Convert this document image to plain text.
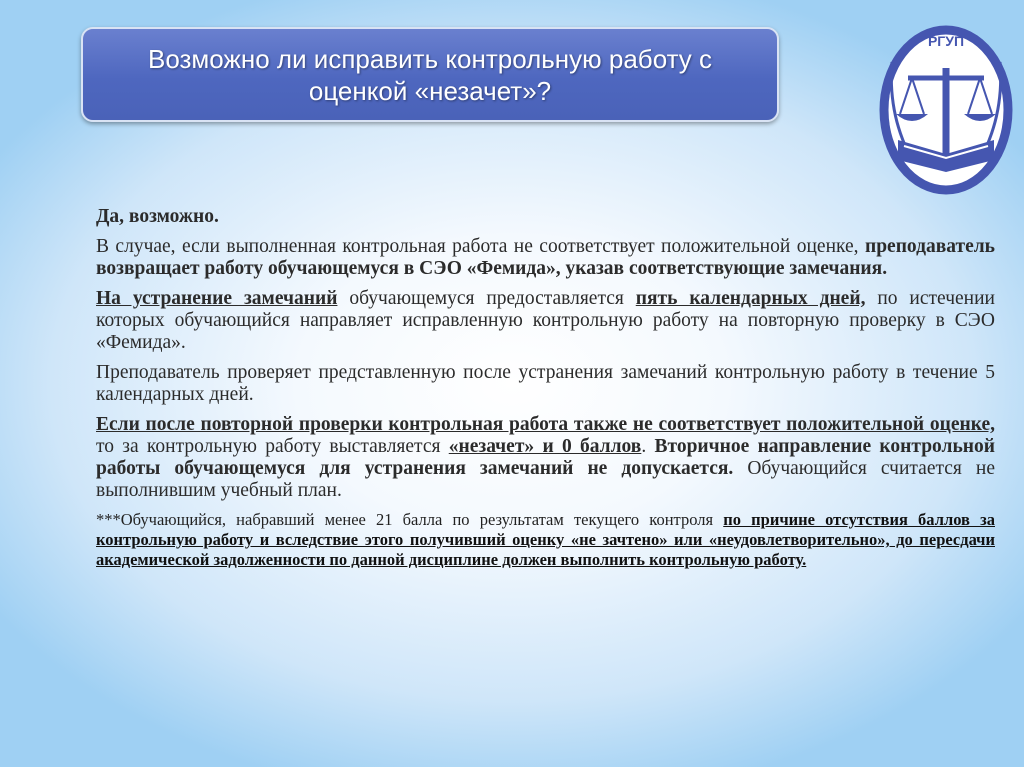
Возможно ли исправить контрольную работу с оценкой «незачет»?
РГУП

Да, возможно.

В случае, если выполненная контрольная работа не соответствует положительной оценке, преподаватель возвращает работу обучающемуся в СЭО «Фемида», указав соответствующие замечания.

На устранение замечаний обучающемуся предоставляется пять календарных дней, по истечении которых обучающийся направляет исправленную контрольную работу на повторную проверку в СЭО «Фемида».

Преподаватель проверяет представленную после устранения замечаний контрольную работу в течение 5 календарных дней.

Если после повторной проверки контрольная работа также не соответствует положительной оценке, то за контрольную работу выставляется «незачет» и 0 баллов. Вторичное направление контрольной работы обучающемуся для устранения замечаний не допускается. Обучающийся считается не выполнившим учебный план.

***Обучающийся, набравший менее 21 балла по результатам текущего контроля по причине отсутствия баллов за контрольную работу и вследствие этого получивший оценку «не зачтено» или «неудовлетворительно», до пересдачи академической задолженности по данной дисциплине должен выполнить контрольную работу.
